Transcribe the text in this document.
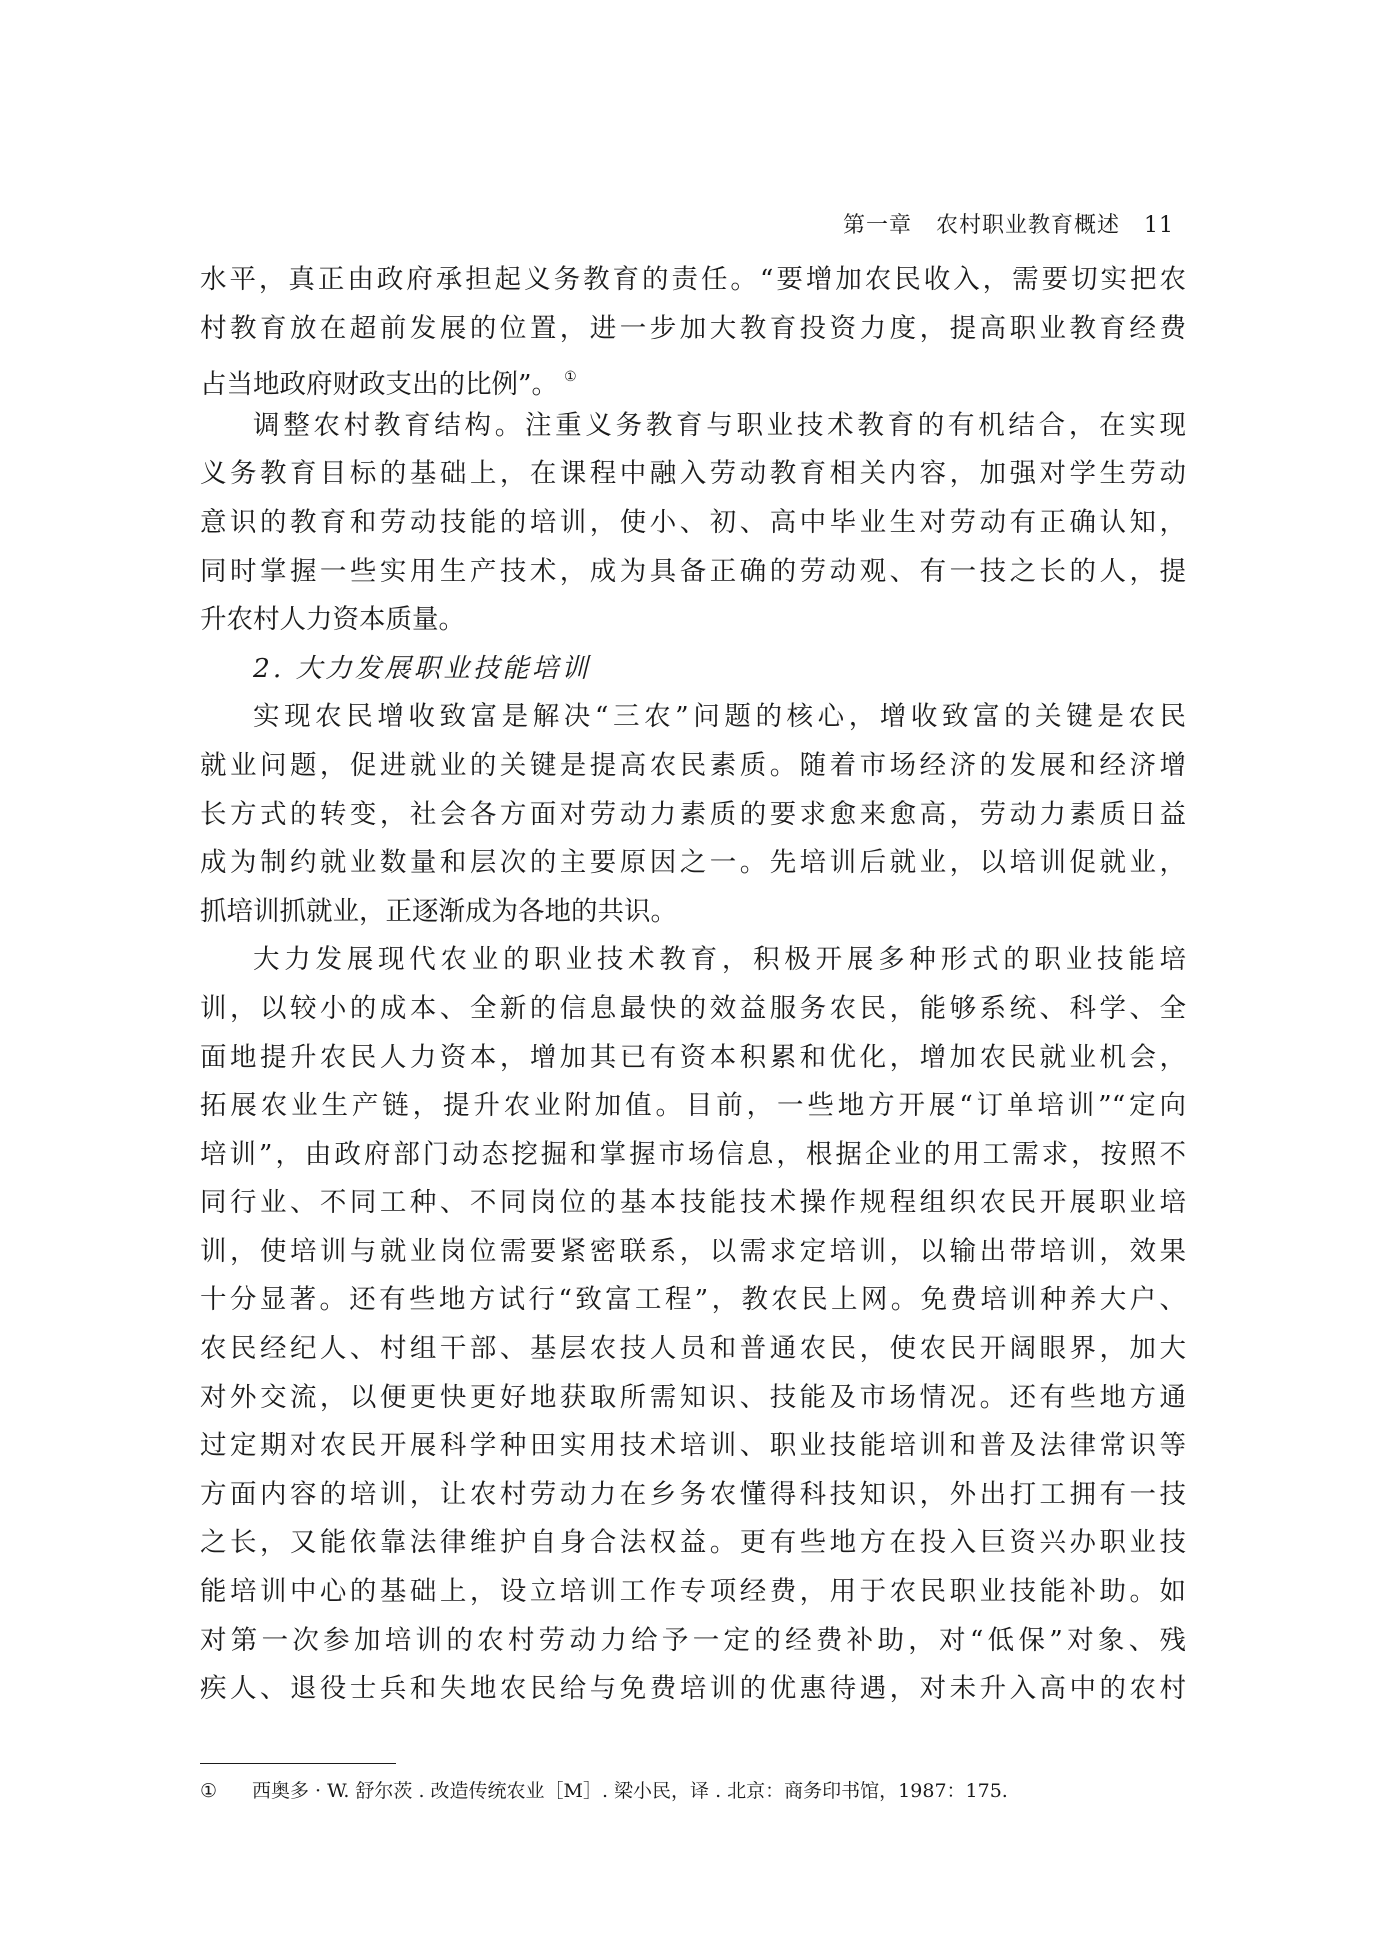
第一章 农村职业教育概述 11
水平，真正由政府承担起义务教育的责任。“要增加农民收入，需要切实把农
村教育放在超前发展的位置，进一步加大教育投资力度，提高职业教育经费
占当地政府财政支出的比例”。 ①
调整农村教育结构。注重义务教育与职业技术教育的有机结合，在实现
义务教育目标的基础上，在课程中融入劳动教育相关内容，加强对学生劳动
意识的教育和劳动技能的培训，使小、初、高中毕业生对劳动有正确认知，
同时掌握一些实用生产技术，成为具备正确的劳动观、有一技之长的人，提
升农村人力资本质量。
2. 大力发展职业技能培训
实现农民增收致富是解决“三农”问题的核心，增收致富的关键是农民
就业问题，促进就业的关键是提高农民素质。随着市场经济的发展和经济增
长方式的转变，社会各方面对劳动力素质的要求愈来愈高，劳动力素质日益
成为制约就业数量和层次的主要原因之一。先培训后就业，以培训促就业，
抓培训抓就业，正逐渐成为各地的共识。
大力发展现代农业的职业技术教育，积极开展多种形式的职业技能培
训，以较小的成本、全新的信息最快的效益服务农民，能够系统、科学、全
面地提升农民人力资本，增加其已有资本积累和优化，增加农民就业机会，
拓展农业生产链，提升农业附加值。目前，一些地方开展“订单培训”“定向
培训”，由政府部门动态挖掘和掌握市场信息，根据企业的用工需求，按照不
同行业、不同工种、不同岗位的基本技能技术操作规程组织农民开展职业培
训，使培训与就业岗位需要紧密联系，以需求定培训，以输出带培训，效果
十分显著。还有些地方试行“致富工程”，教农民上网。免费培训种养大户、
农民经纪人、村组干部、基层农技人员和普通农民，使农民开阔眼界，加大
对外交流，以便更快更好地获取所需知识、技能及市场情况。还有些地方通
过定期对农民开展科学种田实用技术培训、职业技能培训和普及法律常识等
方面内容的培训，让农村劳动力在乡务农懂得科技知识，外出打工拥有一技
之长，又能依靠法律维护自身合法权益。更有些地方在投入巨资兴办职业技
能培训中心的基础上，设立培训工作专项经费，用于农民职业技能补助。如
对第一次参加培训的农村劳动力给予一定的经费补助，对“低保”对象、残
疾人、退役士兵和失地农民给与免费培训的优惠待遇，对未升入高中的农村
① 西奥多 · W. 舒尔茨 . 改造传统农业［M］. 梁小民，译 . 北京：商务印书馆，1987：175.
